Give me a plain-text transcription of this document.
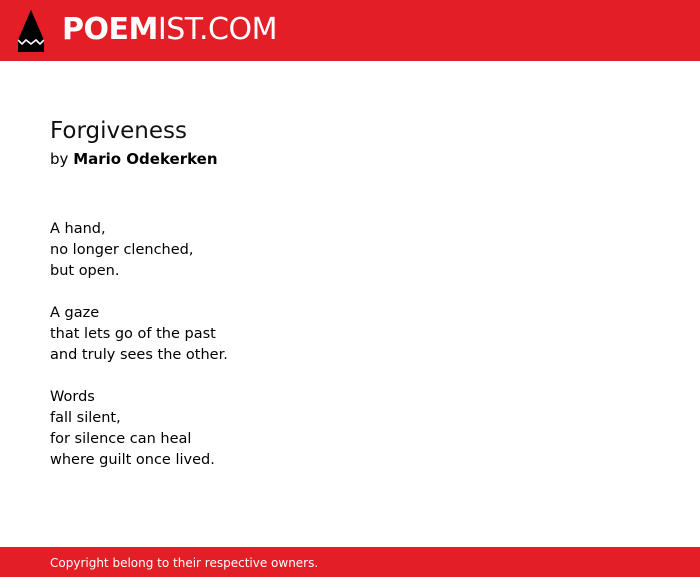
POEMIST.COM
Forgiveness
by Mario Odekerken
A hand,
no longer clenched,
but open.
A gaze
that lets go of the past
and truly sees the other.
Words
fall silent,
for silence can heal
where guilt once lived.
Copyright belong to their respective owners.
